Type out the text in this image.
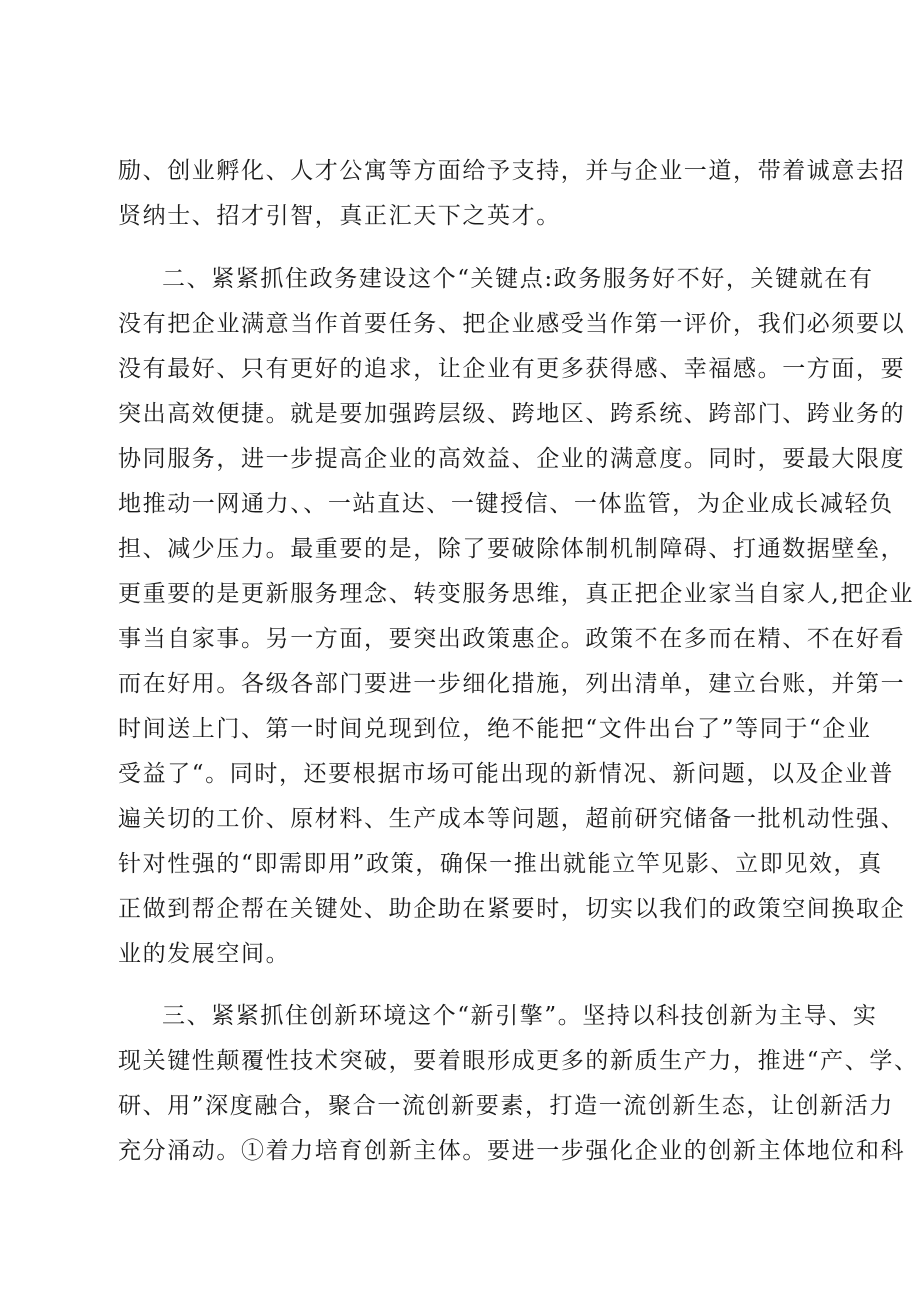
励、创业孵化、人才公寓等方面给予支持，并与企业一道，带着诚意去招
贤纳士、招才引智，真正汇天下之英才。
二、紧紧抓住政务建设这个“关键点:政务服务好不好，关键就在有
没有把企业满意当作首要任务、把企业感受当作第一评价，我们必须要以
没有最好、只有更好的追求，让企业有更多获得感、幸福感。一方面，要
突出高效便捷。就是要加强跨层级、跨地区、跨系统、跨部门、跨业务的
协同服务，进一步提高企业的高效益、企业的满意度。同时，要最大限度
地推动一网通力、、一站直达、一键授信、一体监管，为企业成长减轻负
担、减少压力。最重要的是，除了要破除体制机制障碍、打通数据壁垒，
更重要的是更新服务理念、转变服务思维，真正把企业家当自家人,把企业
事当自家事。另一方面，要突出政策惠企。政策不在多而在精、不在好看
而在好用。各级各部门要进一步细化措施，列出清单，建立台账，并第一
时间送上门、第一时间兑现到位，绝不能把“文件出台了”等同于“企业
受益了“。同时，还要根据市场可能出现的新情况、新问题，以及企业普
遍关切的工价、原材料、生产成本等问题，超前研究储备一批机动性强、
针对性强的“即需即用”政策，确保一推出就能立竿见影、立即见效，真
正做到帮企帮在关键处、助企助在紧要时，切实以我们的政策空间换取企
业的发展空间。
三、紧紧抓住创新环境这个“新引擎”。坚持以科技创新为主导、实
现关键性颠覆性技术突破，要着眼形成更多的新质生产力，推进“产、学、
研、用”深度融合，聚合一流创新要素，打造一流创新生态，让创新活力
充分涌动。①着力培育创新主体。要进一步强化企业的创新主体地位和科
